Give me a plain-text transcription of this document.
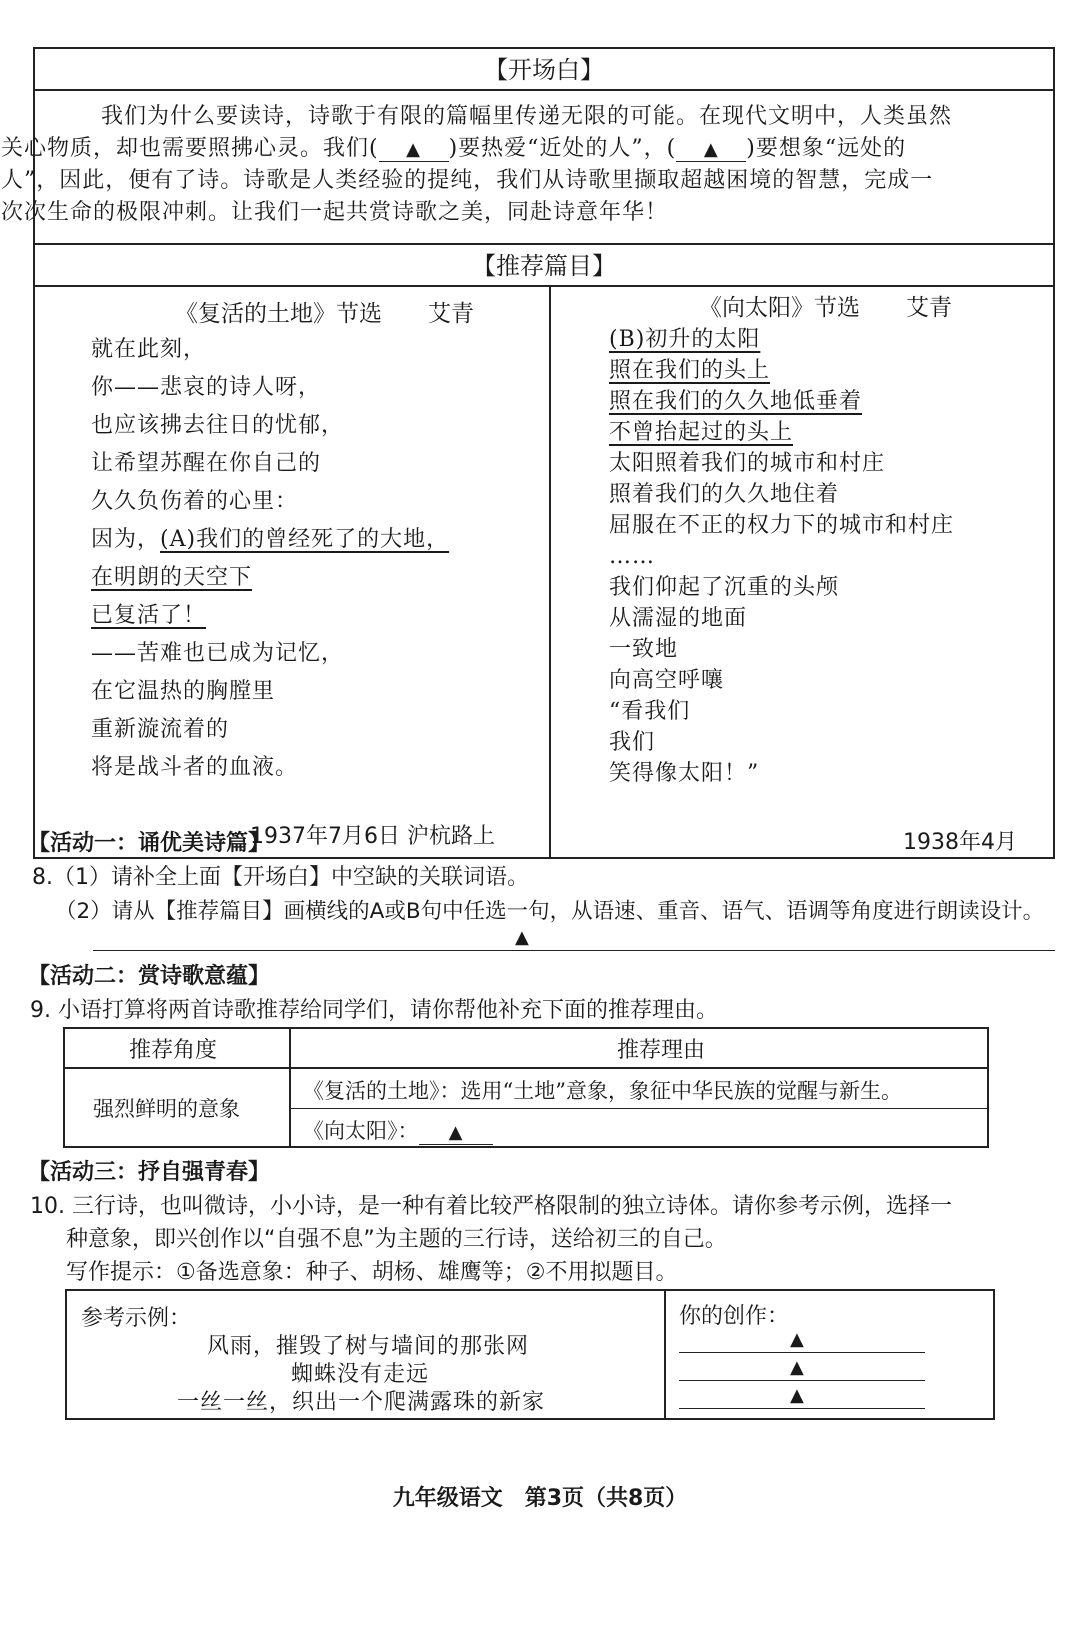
【开场白】
我们为什么要读诗，诗歌于有限的篇幅里传递无限的可能。在现代文明中，人类虽然
关心物质，却也需要照拂心灵。我们( ▲ )要热爱“近处的人”，( ▲ )要想象“远处的
人”，因此，便有了诗。诗歌是人类经验的提纯，我们从诗歌里撷取超越困境的智慧，完成一
次次生命的极限冲刺。让我们一起共赏诗歌之美，同赴诗意年华！
【推荐篇目】
《复活的土地》节选 艾青
就在此刻，
你——悲哀的诗人呀，
也应该拂去往日的忧郁，
让希望苏醒在你自己的
久久负伤着的心里：
因为，(A)我们的曾经死了的大地，
在明朗的天空下
已复活了！
——苦难也已成为记忆，
在它温热的胸膛里
重新漩流着的
将是战斗者的血液。
1937年7月6日 沪杭路上
《向太阳》节选 艾青
(B)初升的太阳
照在我们的头上
照在我们的久久地低垂着
不曾抬起过的头上
太阳照着我们的城市和村庄
照着我们的久久地住着
屈服在不正的权力下的城市和村庄
……
我们仰起了沉重的头颅
从濡湿的地面
一致地
向高空呼嚷
“看我们
我们
笑得像太阳！”
1938年4月
【活动一：诵优美诗篇】
8.（1）请补全上面【开场白】中空缺的关联词语。
（2）请从【推荐篇目】画横线的A或B句中任选一句，从语速、重音、语气、语调等角度进行朗读设计。
▲
【活动二：赏诗歌意蕴】
9. 小语打算将两首诗歌推荐给同学们，请你帮他补充下面的推荐理由。
推荐角度	推荐理由
强烈鲜明的意象
《复活的土地》：选用“土地”意象，象征中华民族的觉醒与新生。
《向太阳》： ▲
【活动三：抒自强青春】
10. 三行诗，也叫微诗，小小诗，是一种有着比较严格限制的独立诗体。请你参考示例，选择一
种意象，即兴创作以“自强不息”为主题的三行诗，送给初三的自己。
写作提示：①备选意象：种子、胡杨、雄鹰等；②不用拟题目。
参考示例：
风雨，摧毁了树与墙间的那张网
蜘蛛没有走远
一丝一丝，织出一个爬满露珠的新家
你的创作：
▲
▲
▲
九年级语文　第3页（共8页）
